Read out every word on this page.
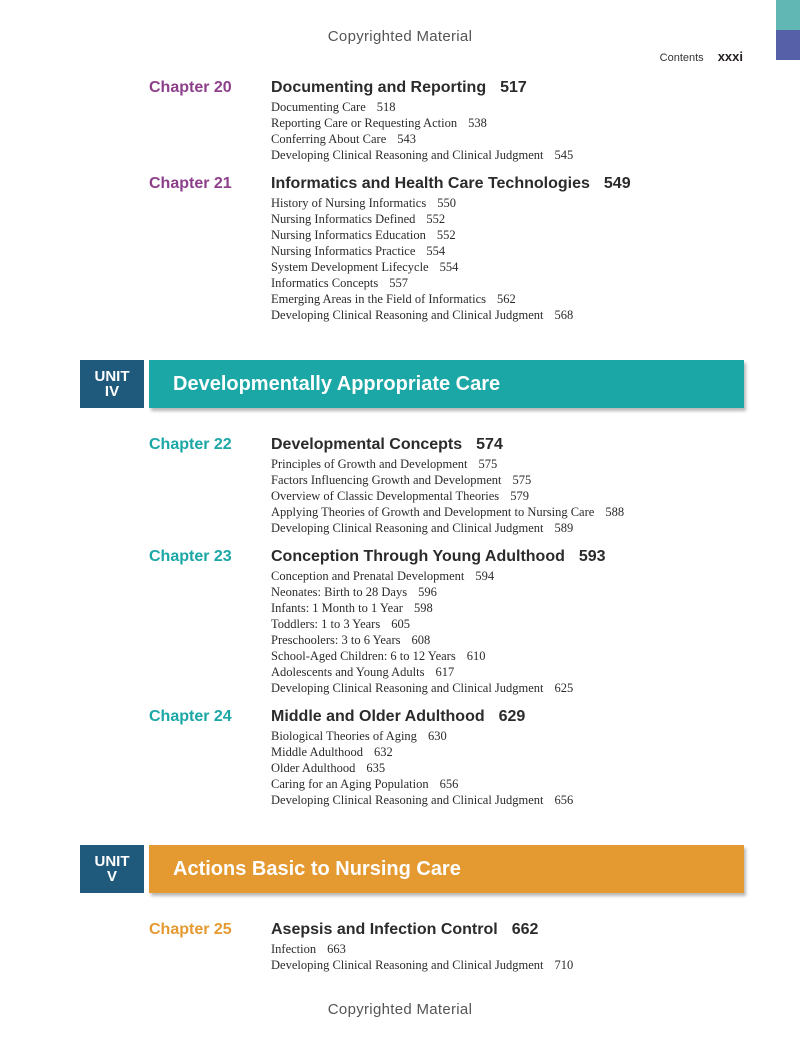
Copyrighted Material
Contents xxxi
Chapter 20	Documenting and Reporting 517
Documenting Care 518
Reporting Care or Requesting Action 538
Conferring About Care 543
Developing Clinical Reasoning and Clinical Judgment 545
Chapter 21	Informatics and Health Care Technologies 549
History of Nursing Informatics 550
Nursing Informatics Defined 552
Nursing Informatics Education 552
Nursing Informatics Practice 554
System Development Lifecycle 554
Informatics Concepts 557
Emerging Areas in the Field of Informatics 562
Developing Clinical Reasoning and Clinical Judgment 568
UNIT
IV	Developmentally Appropriate Care
Chapter 22	Developmental Concepts 574
Principles of Growth and Development 575
Factors Influencing Growth and Development 575
Overview of Classic Developmental Theories 579
Applying Theories of Growth and Development to Nursing Care 588
Developing Clinical Reasoning and Clinical Judgment 589
Chapter 23	Conception Through Young Adulthood 593
Conception and Prenatal Development 594
Neonates: Birth to 28 Days 596
Infants: 1 Month to 1 Year 598
Toddlers: 1 to 3 Years 605
Preschoolers: 3 to 6 Years 608
School-Aged Children: 6 to 12 Years 610
Adolescents and Young Adults 617
Developing Clinical Reasoning and Clinical Judgment 625
Chapter 24	Middle and Older Adulthood 629
Biological Theories of Aging 630
Middle Adulthood 632
Older Adulthood 635
Caring for an Aging Population 656
Developing Clinical Reasoning and Clinical Judgment 656
UNIT
V	Actions Basic to Nursing Care
Chapter 25	Asepsis and Infection Control 662
Infection 663
Developing Clinical Reasoning and Clinical Judgment 710
Copyrighted Material
